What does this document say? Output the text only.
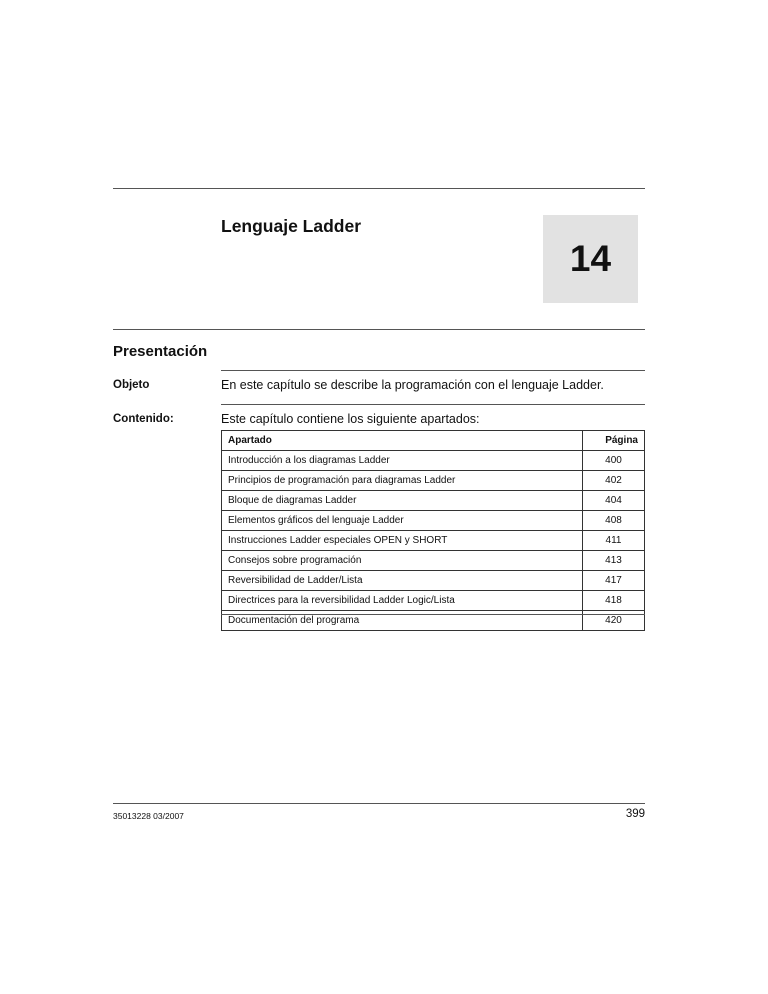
Lenguaje Ladder
14
Presentación
Objeto	En este capítulo se describe la programación con el lenguaje Ladder.
Contenido:	Este capítulo contiene los siguiente apartados:
Apartado	Página
Introducción a los diagramas Ladder	400
Principios de programación para diagramas Ladder	402
Bloque de diagramas Ladder	404
Elementos gráficos del lenguaje Ladder	408
Instrucciones Ladder especiales OPEN y SHORT	411
Consejos sobre programación	413
Reversibilidad de Ladder/Lista	417
Directrices para la reversibilidad Ladder Logic/Lista	418
Documentación del programa	420
35013228 03/2007	399
